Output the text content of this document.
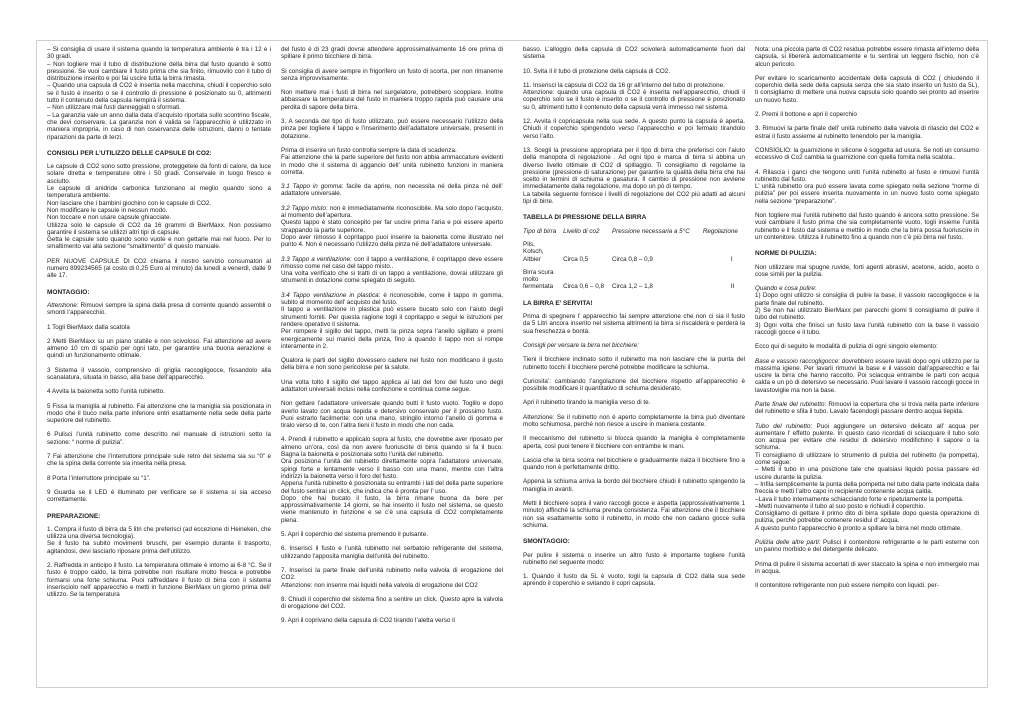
– Si consiglia di usare il sistema quando la temperatura ambiente è tra i 12 e i 30 gradi.
– Non togliere mai il tubo di distribuzione della birra dal fusto quando è sotto pressione. Se vuoi cambiare il fusto prima che sia finito, rimuovilo con il tubo di distribuzione inserito e poi fai uscire tutta la birra rimasta.
– Quando una capsula di CO2 è inserita nella macchina, chiudi il coperchio solo se il fusto è inserito o se il controllo di pressione è posizionato su 0, altrimenti tutto il contenuto della capsula riempirà il sistema.
– Non utilizzare mai fusti danneggiati o sformati.
– La garanzia vale un anno dalla data d’acquisto riportata sullo scontrino fiscale, che devi conservare. La garanzia non è valida se l’apparecchio è utilizzato in maniera impropria, in caso di non osservanza delle istruzioni, danni o tentate riparazioni da parte di terzi.

CONSIGLI PER L’UTILIZZO DELLE CAPSULE DI CO2:

Le capsule di CO2 sono sotto pressione, proteggetele da fonti di calore, da luce solare diretta e temperature oltre i 50 gradi. Conservale in luogo fresco e asciutto.
Le capsule di anidride carbonica funzionano al meglio quando sono a temperatura ambiente.
Non lasciare che i bambini giochino con le capsule di CO2.
Non modificare le capsule in nessun modo.
Non toccare e non usare capsule ghiacciate.
Utilizza solo le capsule di CO2 da 16 grammi di BierMaxx. Non possiamo garantire il sistema se utilizzi altri tipi di capsule.
Getta le capsule solo quando sono vuote e non gettarle mai nel fuoco. Per lo smaltimento vai alla sezione “smaltimento” di questo manuale.

PER NUOVE CAPSULE DI CO2 chiama il nostro servizio consumatori al numero 899234565 (al costo di 0,25 Euro al minuto) da lunedì a venerdì, dalle 9 alle 17.

MONTAGGIO:

Attenzione: Rimuovi sempre la spina dalla presa di corrente quando assembli o smonti l’apparecchio.

1 Togli BierMaxx dalla scatola

2 Metti BierMaxx su un piano stabile e non scivoloso. Fai attenzione ad avere almeno 10 cm di spazio per ogni lato, per garantire una buona aerazione e quindi un funzionamento ottimale.

3 Sistema il vassoio, comprensivo di griglia raccogligocce, fissandolo alla scanalatura, situata in basso, alla base dell’apparecchio.

4 Avvita la baionetta sotto l’unità rubinetto.

5 Fissa la maniglia al rubinetto. Fai attenzione che la maniglia sia posizionata in modo che il buco nella parte inferiore entri esattamente nella sede della parte superiore del rubinetto.

6 Pulisci l’unità rubinetto come descritto nel manuale di istruzioni sotto la sezione: “ norme di pulizia”.

7 Fai attenzione che l’interruttore principale sule retro del sistema sia su “0” e che la spina della corrente sia inserita nella presa.

8 Porta l’interruttore principale su “1”.

9 Guarda se il LED è illuminato per verificare se il sistema si sia acceso correttamente.

PREPARAZIONE:

1. Compra il fusto di birra da 5 litri che preferisci (ad eccezione di Heineken, che utilizza una diversa tecnologia).
Se il fusto ha subito movimenti bruschi, per esempio durante il trasporto, agitandosi, devi lasciarlo riposare prima dell’utilizzo.

2. Raffredda in anticipo il fusto. La temperatura ottimale è intorno ai 6-8 °C. Se il fusto è troppo caldo, la birra potrebbe non risultare molto fresca e potrebbe formarsi una forte schiuma. Puoi raffreddare il fusto di birra con il sistema inserisciolo nell’ apparecchio e metti in funzione BierMaxx un giorno prima dell’ utilizzo. Se la temperatura

del fusto è di 23 gradi dovrai attendere approssimativamente 16 ore prima di spillare il primo bicchiere di birra.

Si consiglia di avere sempre in frigorifero un fusto di scorta, per non rimanerne senza improvvisamente.

Non mettere mai i fusti di birra nel surgelatore, potrebbero scoppiare. Inoltre abbassare la temperatura del fusto in maniera troppo rapida può causare una perdita di sapore della birra.

3. A seconda del tipo di fusto utilizzato, può essere necessario l’utilizzo della pinza per togliere il tappo e l’inserimento dell’adattatore universale, presenti in dotazione.

Prima di inserire un fusto controlla sempre la data di scadenza.
Fai attenzione che la parte superiore del fusto non abbia ammaccature evidenti in modo che il sistema di aggancio dell’ unità rubinetto funzioni in maniera corretta.

3.1 Tappo in gomma: facile da aprire, non necessita né della pinza né dell’ adattatore universale.

3.2 Tappo misto: non è immediatamente riconoscibile. Ma solo dopo l’acquisto, al momento dell’apertura.
Questo tappo è stato concepito per far uscire prima l’aria e poi essere aperto strappando la parte superiore.
Dopo aver rimosso il copritappo puoi inserire la baionetta come illustrato nel punto 4. Non è necessario l’utilizzo della pinza né dell’adattatore universale.

3.3 Tappo a ventilazione: con il tappo a ventilazione, il copritappo deve essere rimosso come nel caso del tappo misto..
Una volta verificato che si tratti di un tappo a ventilazione, dovrai utilizzare gli strumenti in dotazione come spiegato di seguito.

3.4 Tappo ventilazione in plastica: è riconoscibile, come il tappo in gomma, subito al momento dell’ acquisto del fusto.
Il tappo a ventilazione in plastica può essere bucato solo con l’aiuto degli strumenti forniti. Per questa ragione togli il copritappo e segui le istruzioni per rendere operativo il sistema.
Per rompere il sigillo del tappo, metti la pinza sopra l’anello sigillato e premi energicamente sui manici della pinza, fino a quando il tappo non si rompe interamente in 2.

Qualora le parti del sigillo dovessero cadere nel fusto non modificano il gusto della birra e non sono pericolose per la salute.

Una volta tolto il sigillo del tappo applica ai lati del foro del fusto uno degli adattatori universali inclusi nella confezione e continua come segue.

Non gettare l’adattatore universale quando butti il fusto vuoto. Toglilo e dopo averlo lavato con acqua tiepida e detersivo conservalo per il prossimo fusto. Puoi estrarlo facilmente: con una mano, stringilo intorno l’anello di gomma e tiralo verso di te, con l’altra tieni il fusto in modo che non cada.

4. Prendi il rubinetto e applicalo sopra al fusto, che dovrebbe aver riposato per almeno un’ora, così da non avere fuoriuscite di birra quando si fa il buco. Bagna la baionetta e posizionala sotto l’unità del rubinetto.
Ora posiziona l’unità del rubinetto direttamente sopra l’adattatore universale, spingi forte e lentamente verso il basso con una mano, mentre con l’altra indirizzi la baionetta verso il foro del fusto.
Appena l’unità rubinetto è posizionata su entrambi i lati del della parte superiore del fusto sentirai un click, che indica che è pronta per l’ uso.
Dopo che hai bucato il fusto, la birra rimane buona da bere per approssimativamente 14 giorni, se hai inserito il fusto nel sistema, se questo viene mantenuto in funzione e se c’è una capsula di CO2 completamente piena.

5. Apri il coperchio del sistema premendo il pulsante.

6. Inserisci il fusto e l’unità rubinetto nel serbatoio refrigerante del sistema, utilizzando l’apposita maniglia dell’unità del rubinetto.

7. Inserisci la parte finale dell’unità rubinetto nella valvola di erogazione del CO2.
Attenzione: non inserire mai liquidi nella valvola di erogazione del CO2

8. Chiudi il coperchio del sistema fino a sentire un click. Questo apre la valvola di erogazione del CO2.

9. Apri il coprivano della capsula di CO2 tirando l’aletta verso il

basso. L’alloggio della capsula di CO2 scivolerà automaticamente fuori dal sistema

10. Svita il il tubo di protezione della capsula di CO2.

11. Inserisci la capsula di CO2 da 16 gr all’interno del tubo di protezione.
Attenzione: quando una capsula di CO2 è inserita nell’apparecchio, chiudi il coperchio solo se il fusto è inserito o se il controllo di pressione è posizionato su 0, altrimenti tutto il contenuto della capsula verrà immesso nel sistema.

12. Avvita il copricapsula nella sua sede. A questo punto la capsula è aperta. Chiudi il coperchio spingendolo verso l’apparecchio e poi fermalo tirandolo verso l’alto.

13. Scegli la pressione appropriata per il tipo di birra che preferisci con l’aiuto della manopola di regolazione . Ad ogni tipo e marca di birra si abbina un diverso livello ottimale di CO2 di spillaggio. Ti consigliamo di regolarne la pressione (pressione di saturazione) per garantire la qualità della birra che hai scelto in termini di schiuma e gasatura. Il cambio di pressione non avviene immediatamente dalla regolazione, ma dopo un pò di tempo.
La tabella seguente fornisce i livelli di regolazione del CO2 più adatti ad alcuni tipi di birre.

TABELLA DI PRESSIONE DELLA BIRRA
Tipo di birra	Livello di co2	Pressione necessaria a 5°C	Regolazione
Pils,
Kolsch,
Altbier	Circa 0,5	Circa 0,8 – 0,9	I
Birra scura
molto
fermentata	Circa 0,6 – 0,8	Circa 1,2 – 1,8	II
LA BIRRA E’ SERVITA!

Prima di spegnere l’ apparecchio fai sempre attenzione che non ci sia il fusto da 5 Litri ancora inserito nel sistema altrimenti la birra si riscalderà e perderà la sua freschezza e bontà.

Consigli per versare la birra nel bicchiere:

Tieni il bicchiere inclinato sotto il rubinetto ma non lasciare che la punta del rubinetto tocchi il bicchiere perché potrebbe modificare la schiuma.

Curiosita’: cambiando l’angolazione del bicchiere rispetto all’apparecchio è possibile modificare il quantitativo di schiuma desiderato.

Apri il rubinetto tirando la maniglia verso di te.

Attenzione: Se il rubinetto non è aperto completamente la birra può diventare molto schiumosa, perché non riesce a uscire in maniera costante.

Il meccanismo del rubinetto si blocca quando la maniglia è completamente aperta, così puoi tenere il bicchiere con entrambe le mani.

Lascia che la birra scorra nel bicchiere e gradualmente rialza il bicchiere fino a quando non è perfettamente dritto.

Appena la schiuma arriva la bordo del bicchiere chiudi il rubinetto spingendo la maniglia in avanti.

Metti il bicchiere sopra il vano raccogli gocce e aspetta (approssivativamente 1 minuto) affinché la schiuma prenda consistenza. Fai attenzione che il bicchiere non sia esattamente sotto il rubinetto, in modo che non cadano gocce sulla schiuma.

SMONTAGGIO:

Per pulire il sistema o inserire un altro fusto è importante togliere l’unità rubinetto nel seguente modo:

1. Quando il fusto da 5L è vuoto, togli la capsula di CO2 dalla sua sede aprendo il coperchio e svitando il copri capsula.

Nota: una piccola parte di CO2 residua potrebbe essere rimasta all’interno della capsula, si libererà automaticamente e tu sentirai un leggero fischio, non c’è alcun pericolo.

Per evitare lo scaricamento accidentale della capsula di CO2 ( chiudendo il coperchio della sede della capsula senza che sia stato inserito un fusto da 5L), ti consigliamo di mettere una nuova capsula solo quando sei pronto ad inserire un nuovo fusto.

2. Premi il bottone e apri il coperchio

3. Rimuovi la parte finale dell’ unità rubinetto dalla valvola di rilascio del CO2 e estrai il fusto assieme al rubinetto tenendolo per la maniglia.

CONSIGLIO: la guarnizione in silicone è soggetta ad usura. Se noti un consumo eccessivo di Co2 cambia la guarnizione con quella fornita nella scatola..

4. Rilascia i ganci che tengono uniti l’unità rubinetto al fusto e rimuovi l’unità rubinetto dal fusto.
L’ unità rubinetto ora può essere lavata come spiegato nella sezione “norme di pulizia” per poi essere inserita nuovamente in un nuovo fusto come spiegato nella sezione “preparazione”.

Non togliere mai l’unità rubinetto dal fusto quando è ancora sotto pressione. Se vuoi cambiare il fusto prima che sia completamente vuoto, togli insieme l’unità rubinetto e il fusto dal sistema e mettilo in modo che la birra possa fuoriuscire in un contenitore. Utilizza il rubinetto fino a quando non c’è più birra nel fusto.

NORME DI PULIZIA:

Non utilizzare mai spugne ruvide, forti agenti abrasivi, acetone, acido, aceto o cose simili per la pulizia.

Quando e cosa pulire:
1) Dopo ogni utilizzo si consiglia di pulire la base, il vassoio raccogligocce e la parte finale del rubinetto.
2) Se non hai utilizzato BierMaxx per parecchi giorni ti consigliamo di pulire il tubo del rubinetto.
3) Ogni volta che finisci un fusto lava l’unità rubinetto con la base il vassoio raccogli gocce e il tubo.

Ecco qui di seguito le modalità di pulizia di ogni singolo elemento:

Base e vassoio raccogligocce: dovrebbero essere lavati dopo ogni utilizzo per la massima igiene. Per lavarli rimuovi la base e il vassoio dall’apparecchio e fai uscire la birra che hanno raccolto. Poi sciacqua entrambe le parti con acqua calda e un pò di detersivo se necessario. Puoi lavare il vassoio raccogli gocce in lavastoviglie ma non la base.

Parte finale del rubinetto: Rimuovi la copertura che si trova nella parte inferiore del rubinetto e sfila il tubo. Lavalo facendogli passare dentro acqua tiepida.

Tubo del rubinetto: Puoi aggiungere un detersivo delicato all’ acqua per aumentare l’ effetto pulente. In questo caso ricordati di sciacquare il tubo solo con acqua per evitare che residui di detersivo modifichino il sapore o la schiuma.
Ti consigliamo di utilizzare lo strumento di pulizia del rubinetto (la pompetta), come segue:
– Metti il tubo in una posizione tale che qualsiasi liquido possa passare ed uscire durante la pulizia.
– Infila semplicemente la punta della pompetta nel tubo dalla parte indicata dalla freccia e metti l’altro capo in recipiente contenente acqua calda.
–Lava il tubo internamente schiacciando forte e ripetutamente la pompetta.
–Metti nuovamente il tubo al suo posto e richiudi il coperchio.
Consigliamo di gettare il primo dito di birra spillate dopo questa operazione di pulizia, perché potrebbe contenere residui d’ acqua.
A questo punto l’apparecchio è pronto a spillare la birra nel modo ottimale.

Pulizia delle altre parti: Pulisci il contenitore refrigerante e le parti esterne con un panno morbido e del detergente delicato.

Prima di pulire il sistema accertati di aver staccato la spina e non immergelo mai in acqua.

Il contenitore refrigerante non può essere riempito con liquidi. per-
